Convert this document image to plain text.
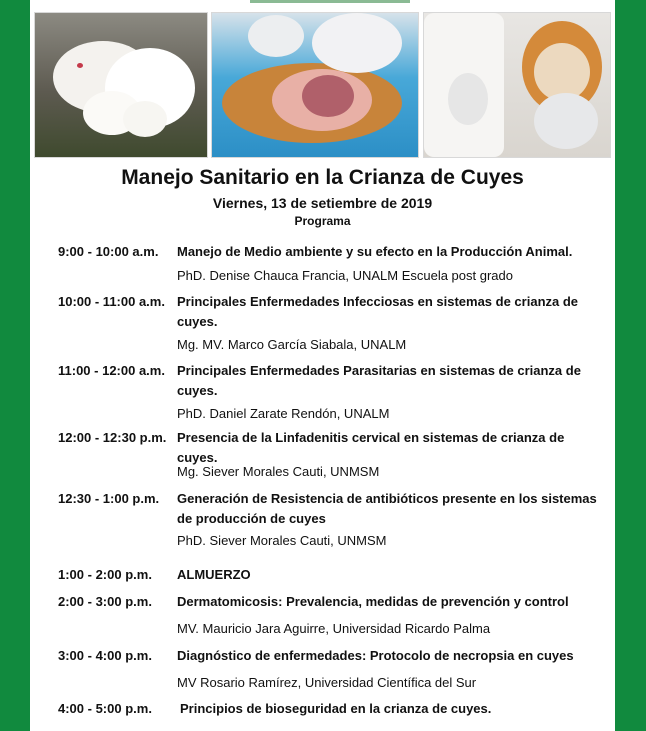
Manejo Sanitario en la Crianza de Cuyes
Viernes, 13 de setiembre de 2019
Programa
9:00 - 10:00 a.m. Manejo de Medio ambiente y su efecto en la Producción Animal.
PhD. Denise Chauca Francia, UNALM Escuela post grado
10:00 - 11:00 a.m. Principales Enfermedades Infecciosas en sistemas de crianza de cuyes.
Mg. MV. Marco García Siabala, UNALM
11:00 - 12:00 a.m. Principales Enfermedades Parasitarias en sistemas de crianza de cuyes.
PhD. Daniel Zarate Rendón, UNALM
12:00 - 12:30 p.m. Presencia de la Linfadenitis cervical en sistemas de crianza de cuyes.
Mg. Siever Morales Cauti, UNMSM
12:30 - 1:00 p.m. Generación de Resistencia de antibióticos presente en los sistemas de producción de cuyes
PhD. Siever Morales Cauti, UNMSM
1:00 - 2:00 p.m. ALMUERZO
2:00 - 3:00 p.m. Dermatomicosis: Prevalencia, medidas de prevención y control
MV. Mauricio Jara Aguirre, Universidad Ricardo Palma
3:00 - 4:00 p.m. Diagnóstico de enfermedades: Protocolo de necropsia en cuyes
MV Rosario Ramírez, Universidad Científica del Sur
4:00 - 5:00 p.m. Principios de bioseguridad en la crianza de cuyes.
